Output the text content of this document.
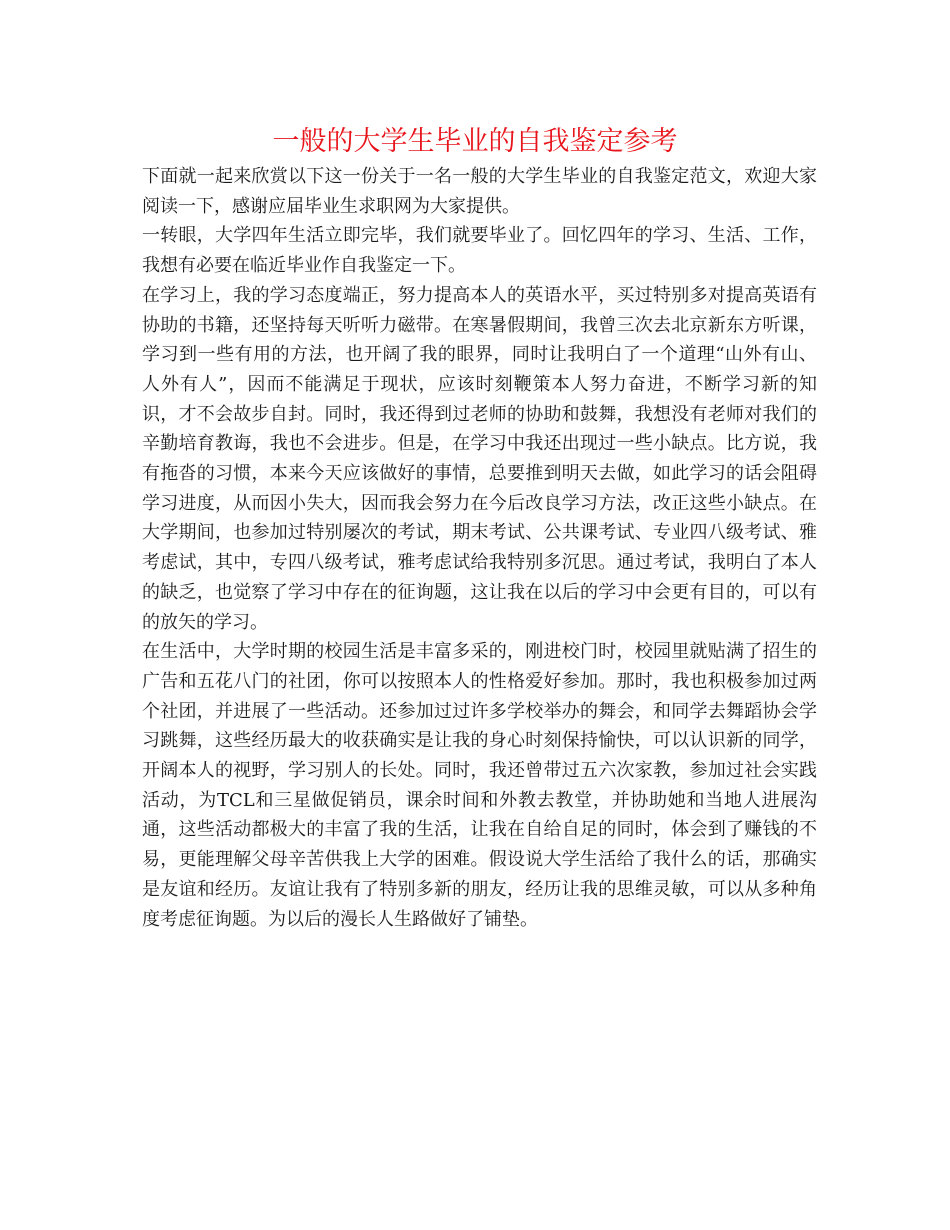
一般的大学生毕业的自我鉴定参考

下面就一起来欣赏以下这一份关于一名一般的大学生毕业的自我鉴定范文，欢迎大家阅读一下，感谢应届毕业生求职网为大家提供。

一转眼，大学四年生活立即完毕，我们就要毕业了。回忆四年的学习、生活、工作，我想有必要在临近毕业作自我鉴定一下。

在学习上，我的学习态度端正，努力提高本人的英语水平，买过特别多对提高英语有协助的书籍，还坚持每天听听力磁带。在寒暑假期间，我曾三次去北京新东方听课，学习到一些有用的方法，也开阔了我的眼界，同时让我明白了一个道理“山外有山、人外有人”，因而不能满足于现状，应该时刻鞭策本人努力奋进，不断学习新的知识，才不会故步自封。同时，我还得到过老师的协助和鼓舞，我想没有老师对我们的辛勤培育教诲，我也不会进步。但是，在学习中我还出现过一些小缺点。比方说，我有拖沓的习惯，本来今天应该做好的事情，总要推到明天去做，如此学习的话会阻碍学习进度，从而因小失大，因而我会努力在今后改良学习方法，改正这些小缺点。在大学期间，也参加过特别屡次的考试，期末考试、公共课考试、专业四八级考试、雅考虑试，其中，专四八级考试，雅考虑试给我特别多沉思。通过考试，我明白了本人的缺乏，也觉察了学习中存在的征询题，这让我在以后的学习中会更有目的，可以有的放矢的学习。

在生活中，大学时期的校园生活是丰富多采的，刚进校门时，校园里就贴满了招生的广告和五花八门的社团，你可以按照本人的性格爱好参加。那时，我也积极参加过两个社团，并进展了一些活动。还参加过过许多学校举办的舞会，和同学去舞蹈协会学习跳舞，这些经历最大的收获确实是让我的身心时刻保持愉快，可以认识新的同学，开阔本人的视野，学习别人的长处。同时，我还曾带过五六次家教，参加过社会实践活动，为TCL和三星做促销员，课余时间和外教去教堂，并协助她和当地人进展沟通，这些活动都极大的丰富了我的生活，让我在自给自足的同时，体会到了赚钱的不易，更能理解父母辛苦供我上大学的困难。假设说大学生活给了我什么的话，那确实是友谊和经历。友谊让我有了特别多新的朋友，经历让我的思维灵敏，可以从多种角度考虑征询题。为以后的漫长人生路做好了铺垫。
